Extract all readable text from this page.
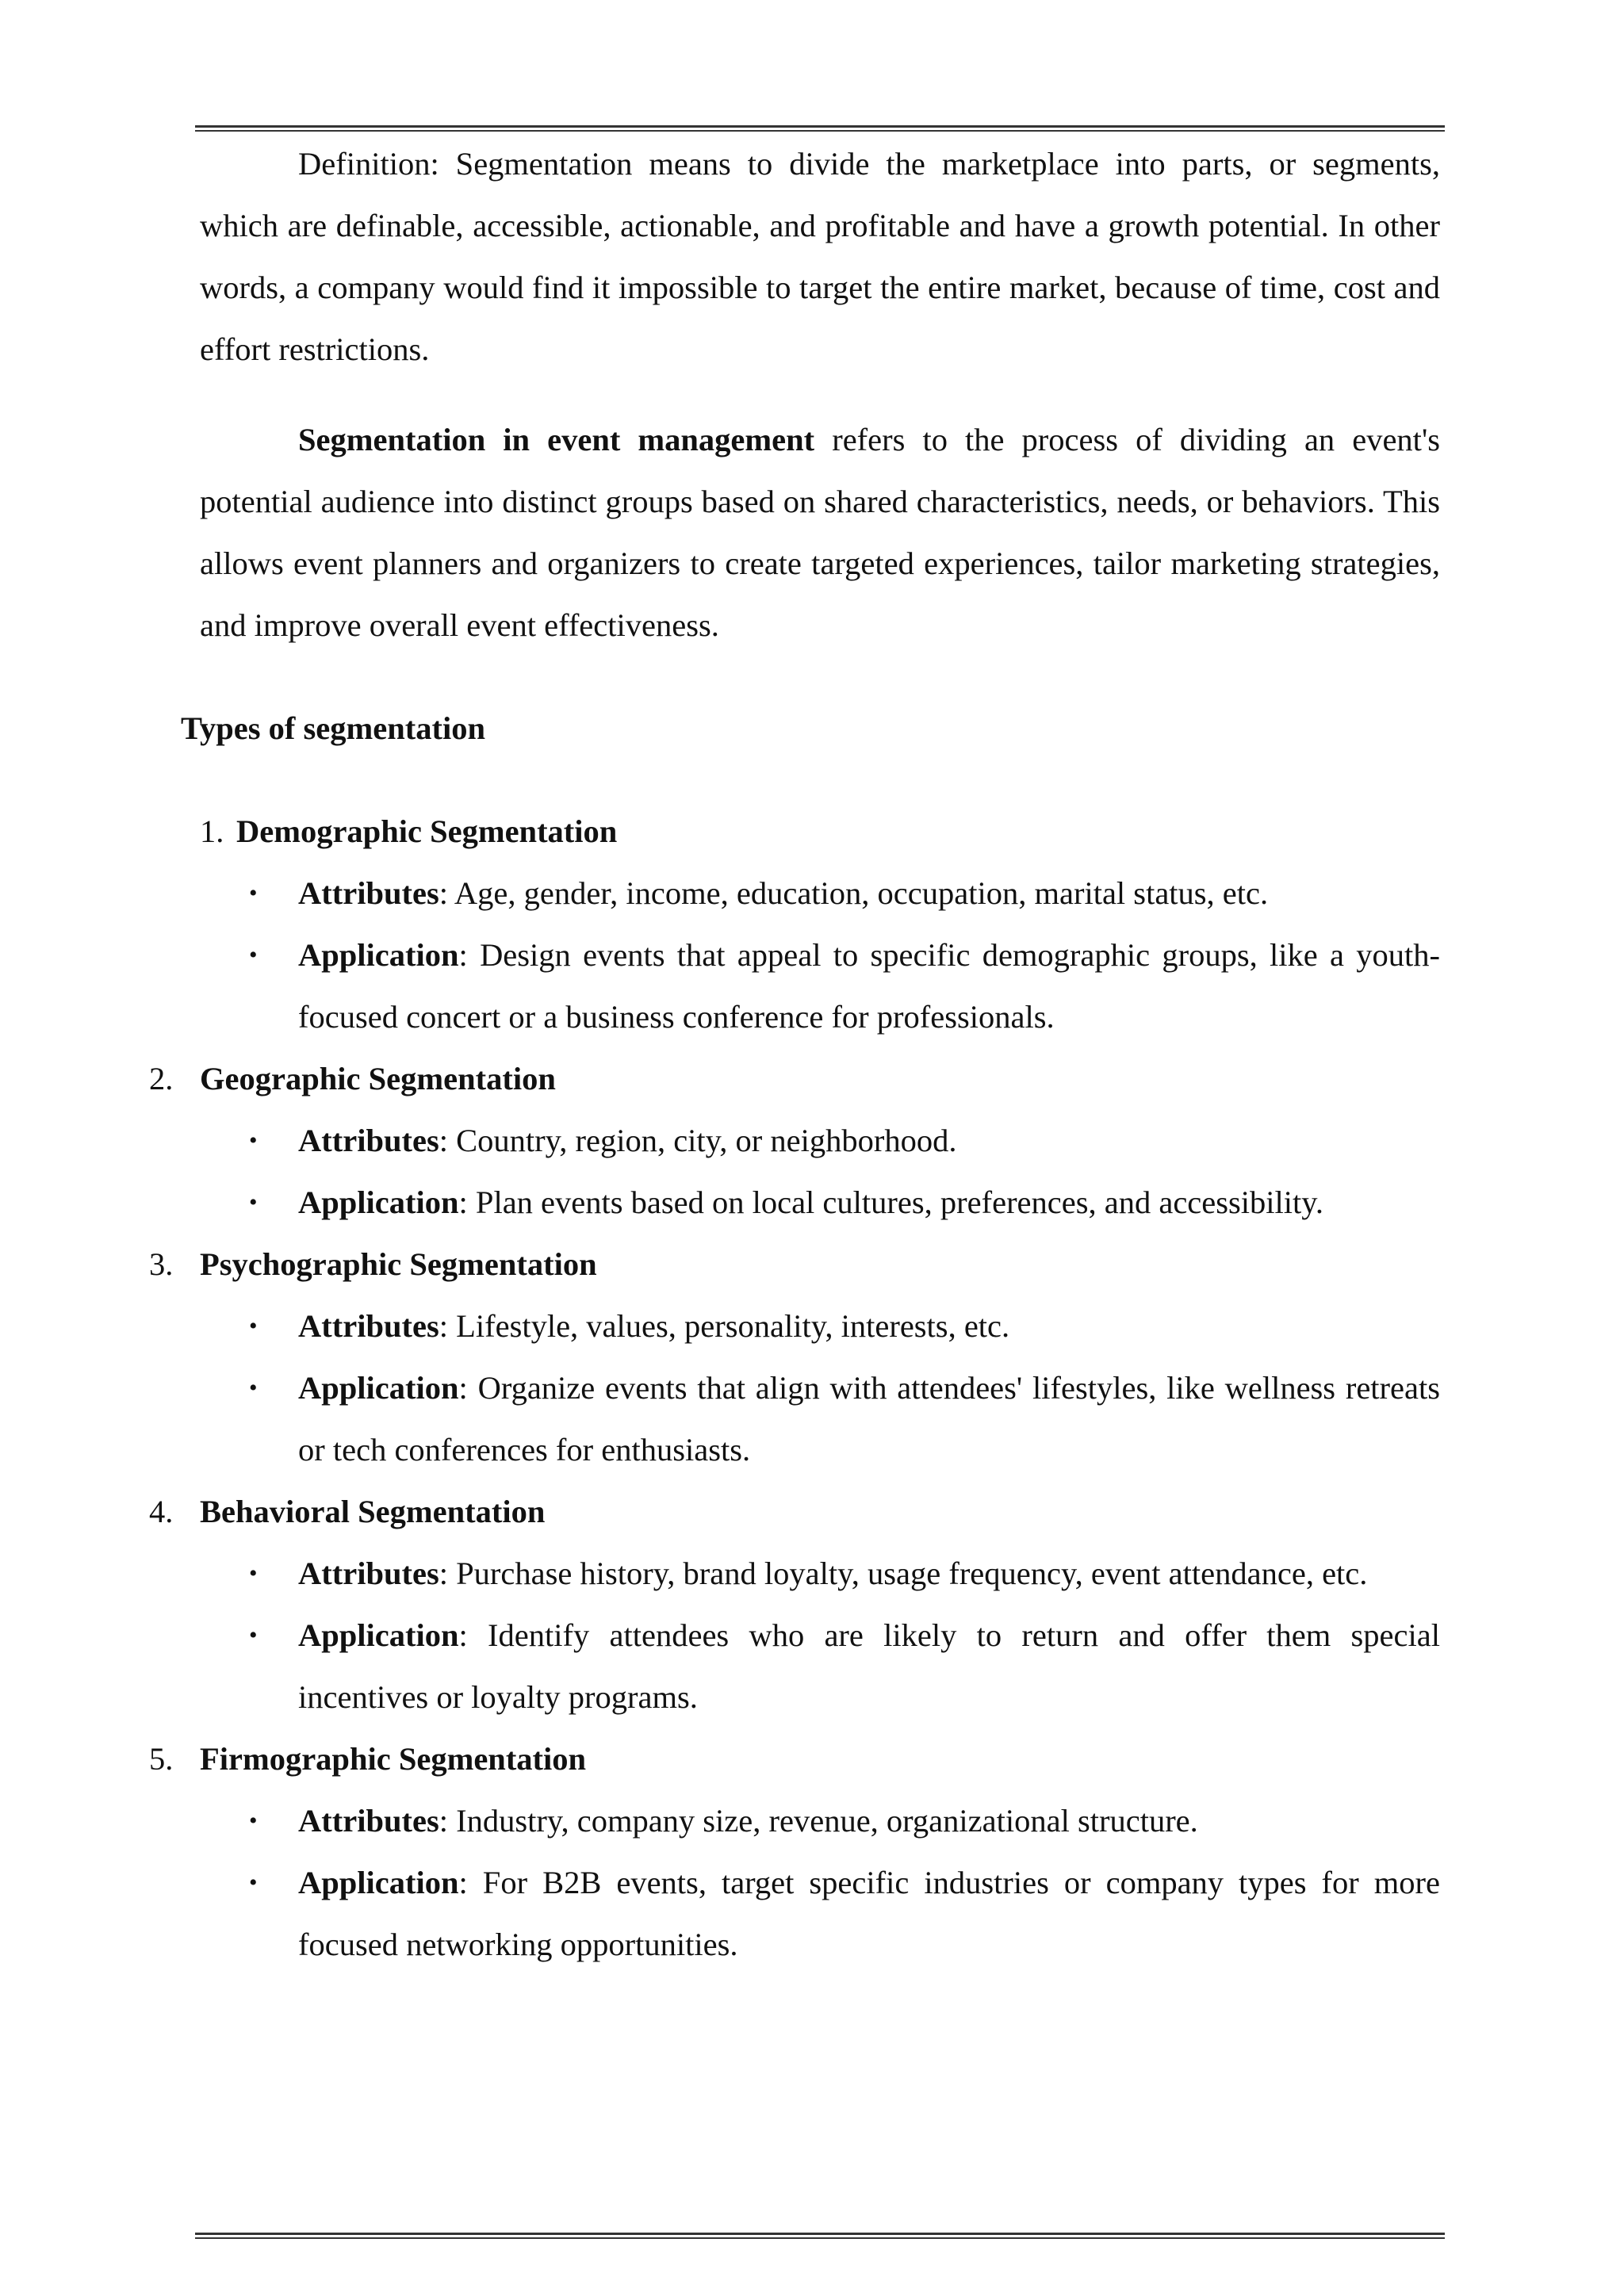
Definition: Segmentation means to divide the marketplace into parts, or segments, which are definable, accessible, actionable, and profitable and have a growth potential. In other words, a company would find it impossible to target the entire market, because of time, cost and effort restrictions.

Segmentation in event management refers to the process of dividing an event's potential audience into distinct groups based on shared characteristics, needs, or behaviors. This allows event planners and organizers to create targeted experiences, tailor marketing strategies, and improve overall event effectiveness.

Types of segmentation

1. Demographic Segmentation
• Attributes: Age, gender, income, education, occupation, marital status, etc.
• Application: Design events that appeal to specific demographic groups, like a youth-focused concert or a business conference for professionals.
2. Geographic Segmentation
• Attributes: Country, region, city, or neighborhood.
• Application: Plan events based on local cultures, preferences, and accessibility.
3. Psychographic Segmentation
• Attributes: Lifestyle, values, personality, interests, etc.
• Application: Organize events that align with attendees' lifestyles, like wellness retreats or tech conferences for enthusiasts.
4. Behavioral Segmentation
• Attributes: Purchase history, brand loyalty, usage frequency, event attendance, etc.
• Application: Identify attendees who are likely to return and offer them special incentives or loyalty programs.
5. Firmographic Segmentation
• Attributes: Industry, company size, revenue, organizational structure.
• Application: For B2B events, target specific industries or company types for more focused networking opportunities.
